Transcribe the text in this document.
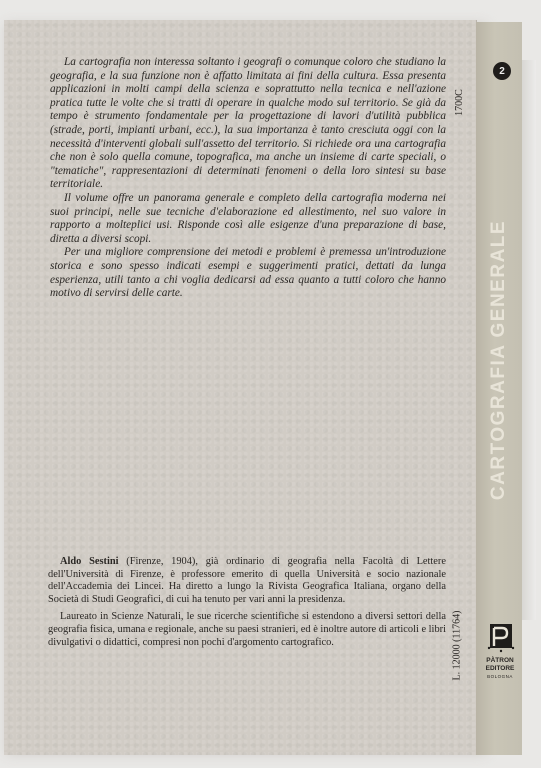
La cartografia non interessa soltanto i geografi o comunque coloro che studiano la geografia, e la sua funzione non è affatto limitata ai fini della cultura. Essa presenta applicazioni in molti campi della scienza e soprattutto nella tecnica e nell'azione pratica tutte le volte che si tratti di operare in qualche modo sul territorio. Se già da tempo è strumento fondamentale per la progettazione di lavori d'utilità pubblica (strade, porti, impianti urbani, ecc.), la sua importanza è tanto cresciuta oggi con la necessità d'interventi globali sull'assetto del territorio. Si richiede ora una cartografia che non è solo quella comune, topografica, ma anche un insieme di carte speciali, o "tematiche", rappresentazioni di determinati fenomeni o della loro sintesi su base territoriale.

Il volume offre un panorama generale e completo della cartografia moderna nei suoi principi, nelle sue tecniche d'elaborazione ed allestimento, nel suo valore in rapporto a molteplici usi. Risponde così alle esigenze d'una preparazione di base, diretta a diversi scopi.

Per una migliore comprensione dei metodi e problemi è premessa un'introduzione storica e sono spesso indicati esempi e suggerimenti pratici, dettati da lunga esperienza, utili tanto a chi voglia dedicarsi ad essa quanto a tutti coloro che hanno motivo di servirsi delle carte.

1700C

Aldo Sestini (Firenze, 1904), già ordinario di geografia nella Facoltà di Lettere dell'Università di Firenze, è professore emerito di quella Università e socio nazionale dell'Accademia dei Lincei. Ha diretto a lungo la Rivista Geografica Italiana, organo della Società di Studi Geografici, di cui ha tenuto per vari anni la presidenza.

Laureato in Scienze Naturali, le sue ricerche scientifiche si estendono a diversi settori della geografia fisica, umana e regionale, anche su paesi stranieri, ed è inoltre autore di articoli e libri divulgativi o didattici, compresi non pochi d'argomento cartografico.	L. 12000 (11764)
2
CARTOGRAFIA GENERALE
PÀTRON
EDITORE
BOLOGNA
